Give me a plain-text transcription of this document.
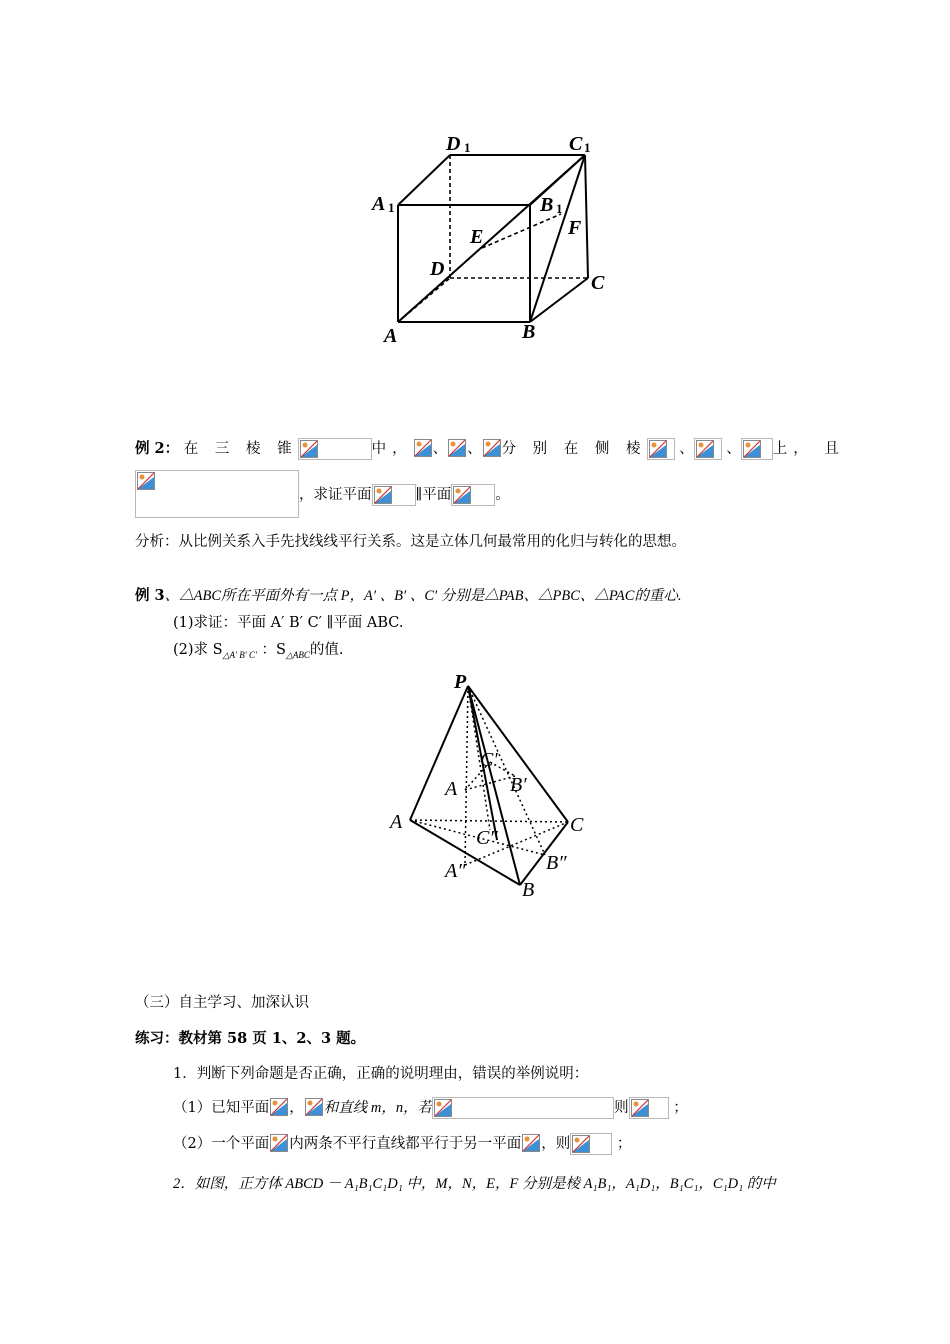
D 1	C 1
A 1	B 1
E	F
D
C
A	B
例 2： 在 三 棱 锥	中， 、 、 分 别 在 侧 棱
、
、 上， 且
，求证平面	∥平面	。
分析：从比例关系入手先找线线平行关系。这是立体几何最常用的化归与转化的思想。
例 3、△ABC所在平面外有一点 P，A′ 、B′ 、C′ 分别是△PAB、△PBC、△PAC的重心.
(1)求证：平面 A′ B′ C′ ∥平面 ABC.
(2)求 $S_{\triangle A' B' C'}$ ：$S_{\triangle ABC}$的值.
P
C′
A	B′
A	C
C″
B″
A″
B
（三）自主学习、加深认识
练习：教材第 58 页 1、2、3 题。
1．判断下列命题是否正确，正确的说明理由，错误的举例说明：
（1）已知平面 ， 和直线 m，n，若	则	；
（2）一个平面 内两条不平行直线都平行于另一平面 ，则	；
2．如图，正方体 ABCD － A₁B₁C₁D₁ 中，M，N，E，F 分别是棱 A₁B₁，A₁D₁，B₁C₁，C₁D₁ 的中
